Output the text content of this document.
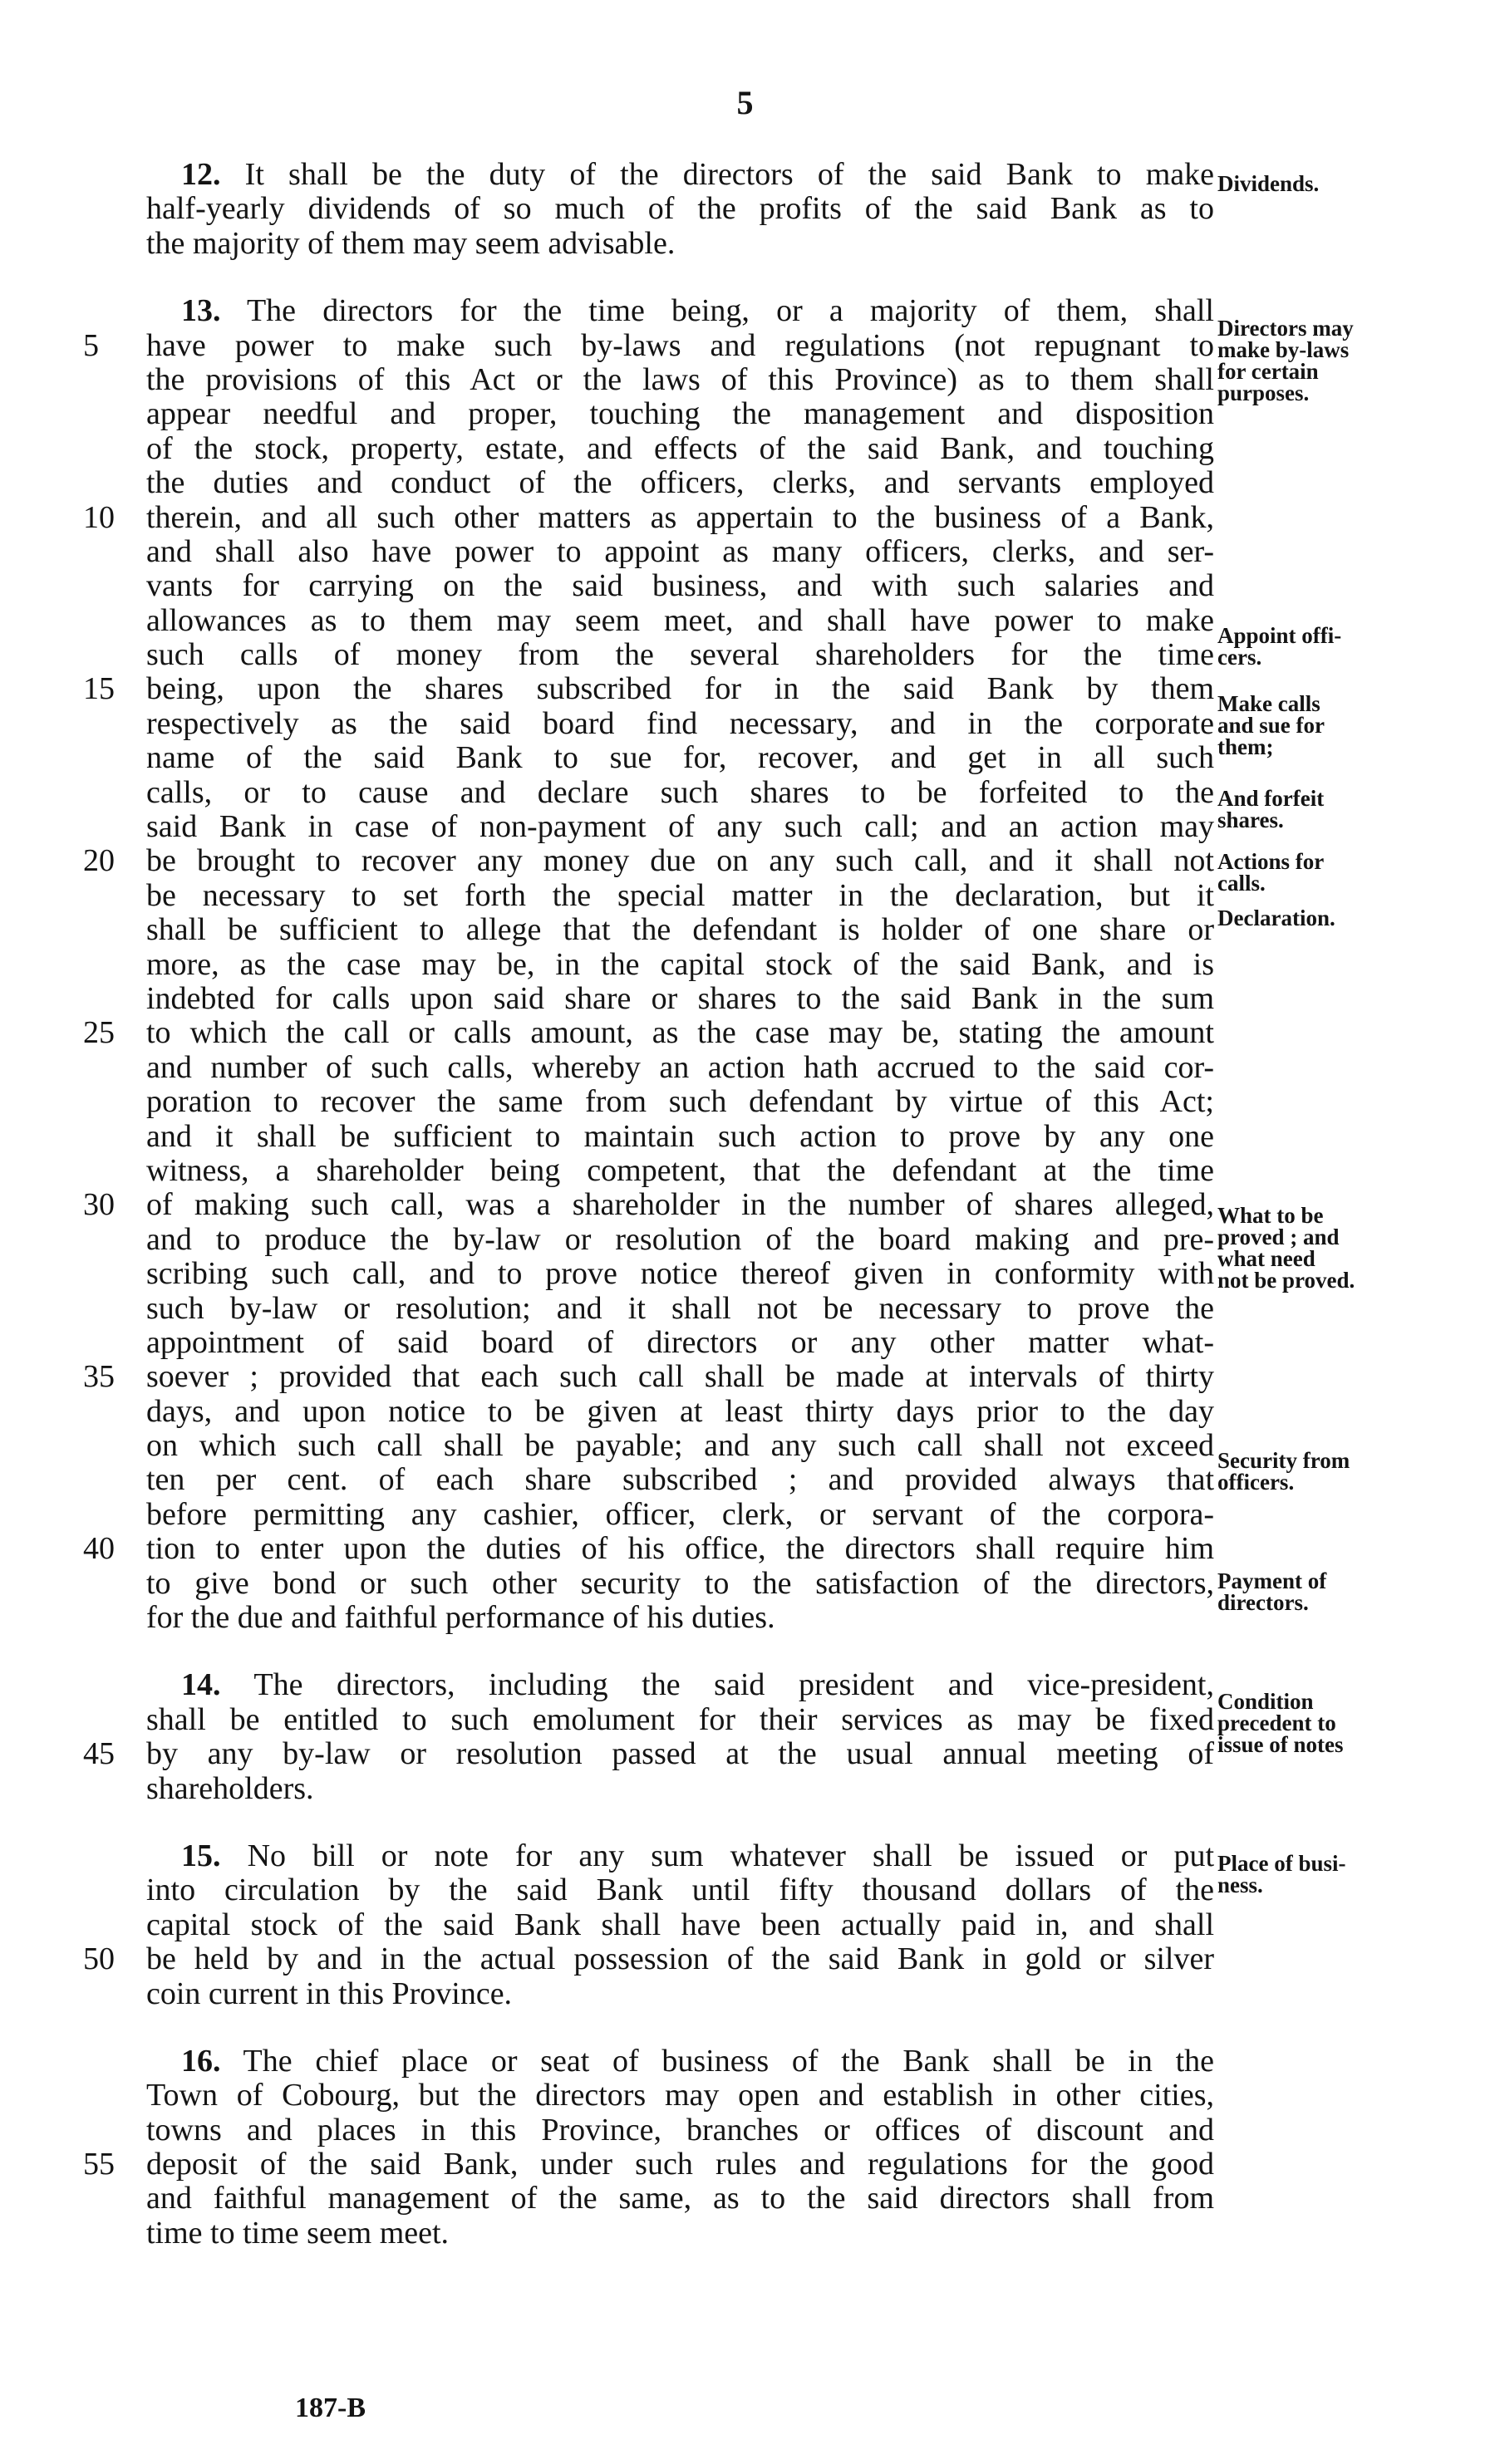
5
12. It shall be the duty of the directors of the said Bank to make
half-yearly dividends of so much of the profits of the said Bank as to
the majority of them may seem advisable.
13. The directors for the time being, or a majority of them, shall
5	have power to make such by-laws and regulations (not repugnant to
the provisions of this Act or the laws of this Province) as to them shall
appear needful and proper, touching the management and disposition
of the stock, property, estate, and effects of the said Bank, and touching
the duties and conduct of the officers, clerks, and servants employed
10	therein, and all such other matters as appertain to the business of a Bank,
and shall also have power to appoint as many officers, clerks, and ser-
vants for carrying on the said business, and with such salaries and
allowances as to them may seem meet, and shall have power to make
such calls of money from the several shareholders for the time
15	being, upon the shares subscribed for in the said Bank by them
respectively as the said board find necessary, and in the corporate
name of the said Bank to sue for, recover, and get in all such
calls, or to cause and declare such shares to be forfeited to the
said Bank in case of non-payment of any such call; and an action may
20	be brought to recover any money due on any such call, and it shall not
be necessary to set forth the special matter in the declaration, but it
shall be sufficient to allege that the defendant is holder of one share or
more, as the case may be, in the capital stock of the said Bank, and is
indebted for calls upon said share or shares to the said Bank in the sum
25	to which the call or calls amount, as the case may be, stating the amount
and number of such calls, whereby an action hath accrued to the said cor-
poration to recover the same from such defendant by virtue of this Act;
and it shall be sufficient to maintain such action to prove by any one
witness, a shareholder being competent, that the defendant at the time
30	of making such call, was a shareholder in the number of shares alleged,
and to produce the by-law or resolution of the board making and pre-
scribing such call, and to prove notice thereof given in conformity with
such by-law or resolution; and it shall not be necessary to prove the
appointment of said board of directors or any other matter what-
35	soever ; provided that each such call shall be made at intervals of thirty
days, and upon notice to be given at least thirty days prior to the day
on which such call shall be payable; and any such call shall not exceed
ten per cent. of each share subscribed ; and provided always that
before permitting any cashier, officer, clerk, or servant of the corpora-
40	tion to enter upon the duties of his office, the directors shall require him
to give bond or such other security to the satisfaction of the directors,
for the due and faithful performance of his duties.
14. The directors, including the said president and vice-president,
shall be entitled to such emolument for their services as may be fixed
45	by any by-law or resolution passed at the usual annual meeting of
shareholders.
15. No bill or note for any sum whatever shall be issued or put
into circulation by the said Bank until fifty thousand dollars of the
capital stock of the said Bank shall have been actually paid in, and shall
50	be held by and in the actual possession of the said Bank in gold or silver
coin current in this Province.
16. The chief place or seat of business of the Bank shall be in the
Town of Cobourg, but the directors may open and establish in other cities,
towns and places in this Province, branches or offices of discount and
55	deposit of the said Bank, under such rules and regulations for the good
and faithful management of the same, as to the said directors shall from
time to time seem meet.
Dividends.
Directors may
make by-laws
for certain
purposes.
Appoint offi-
cers.
Make calls
and sue for
them;
And forfeit
shares.
Actions for
calls.
Declaration.
What to be
proved ; and
what need
not be proved.
Security from
officers.
Payment of
directors.
Condition
precedent to
issue of notes
Place of busi-
ness.
187-B
